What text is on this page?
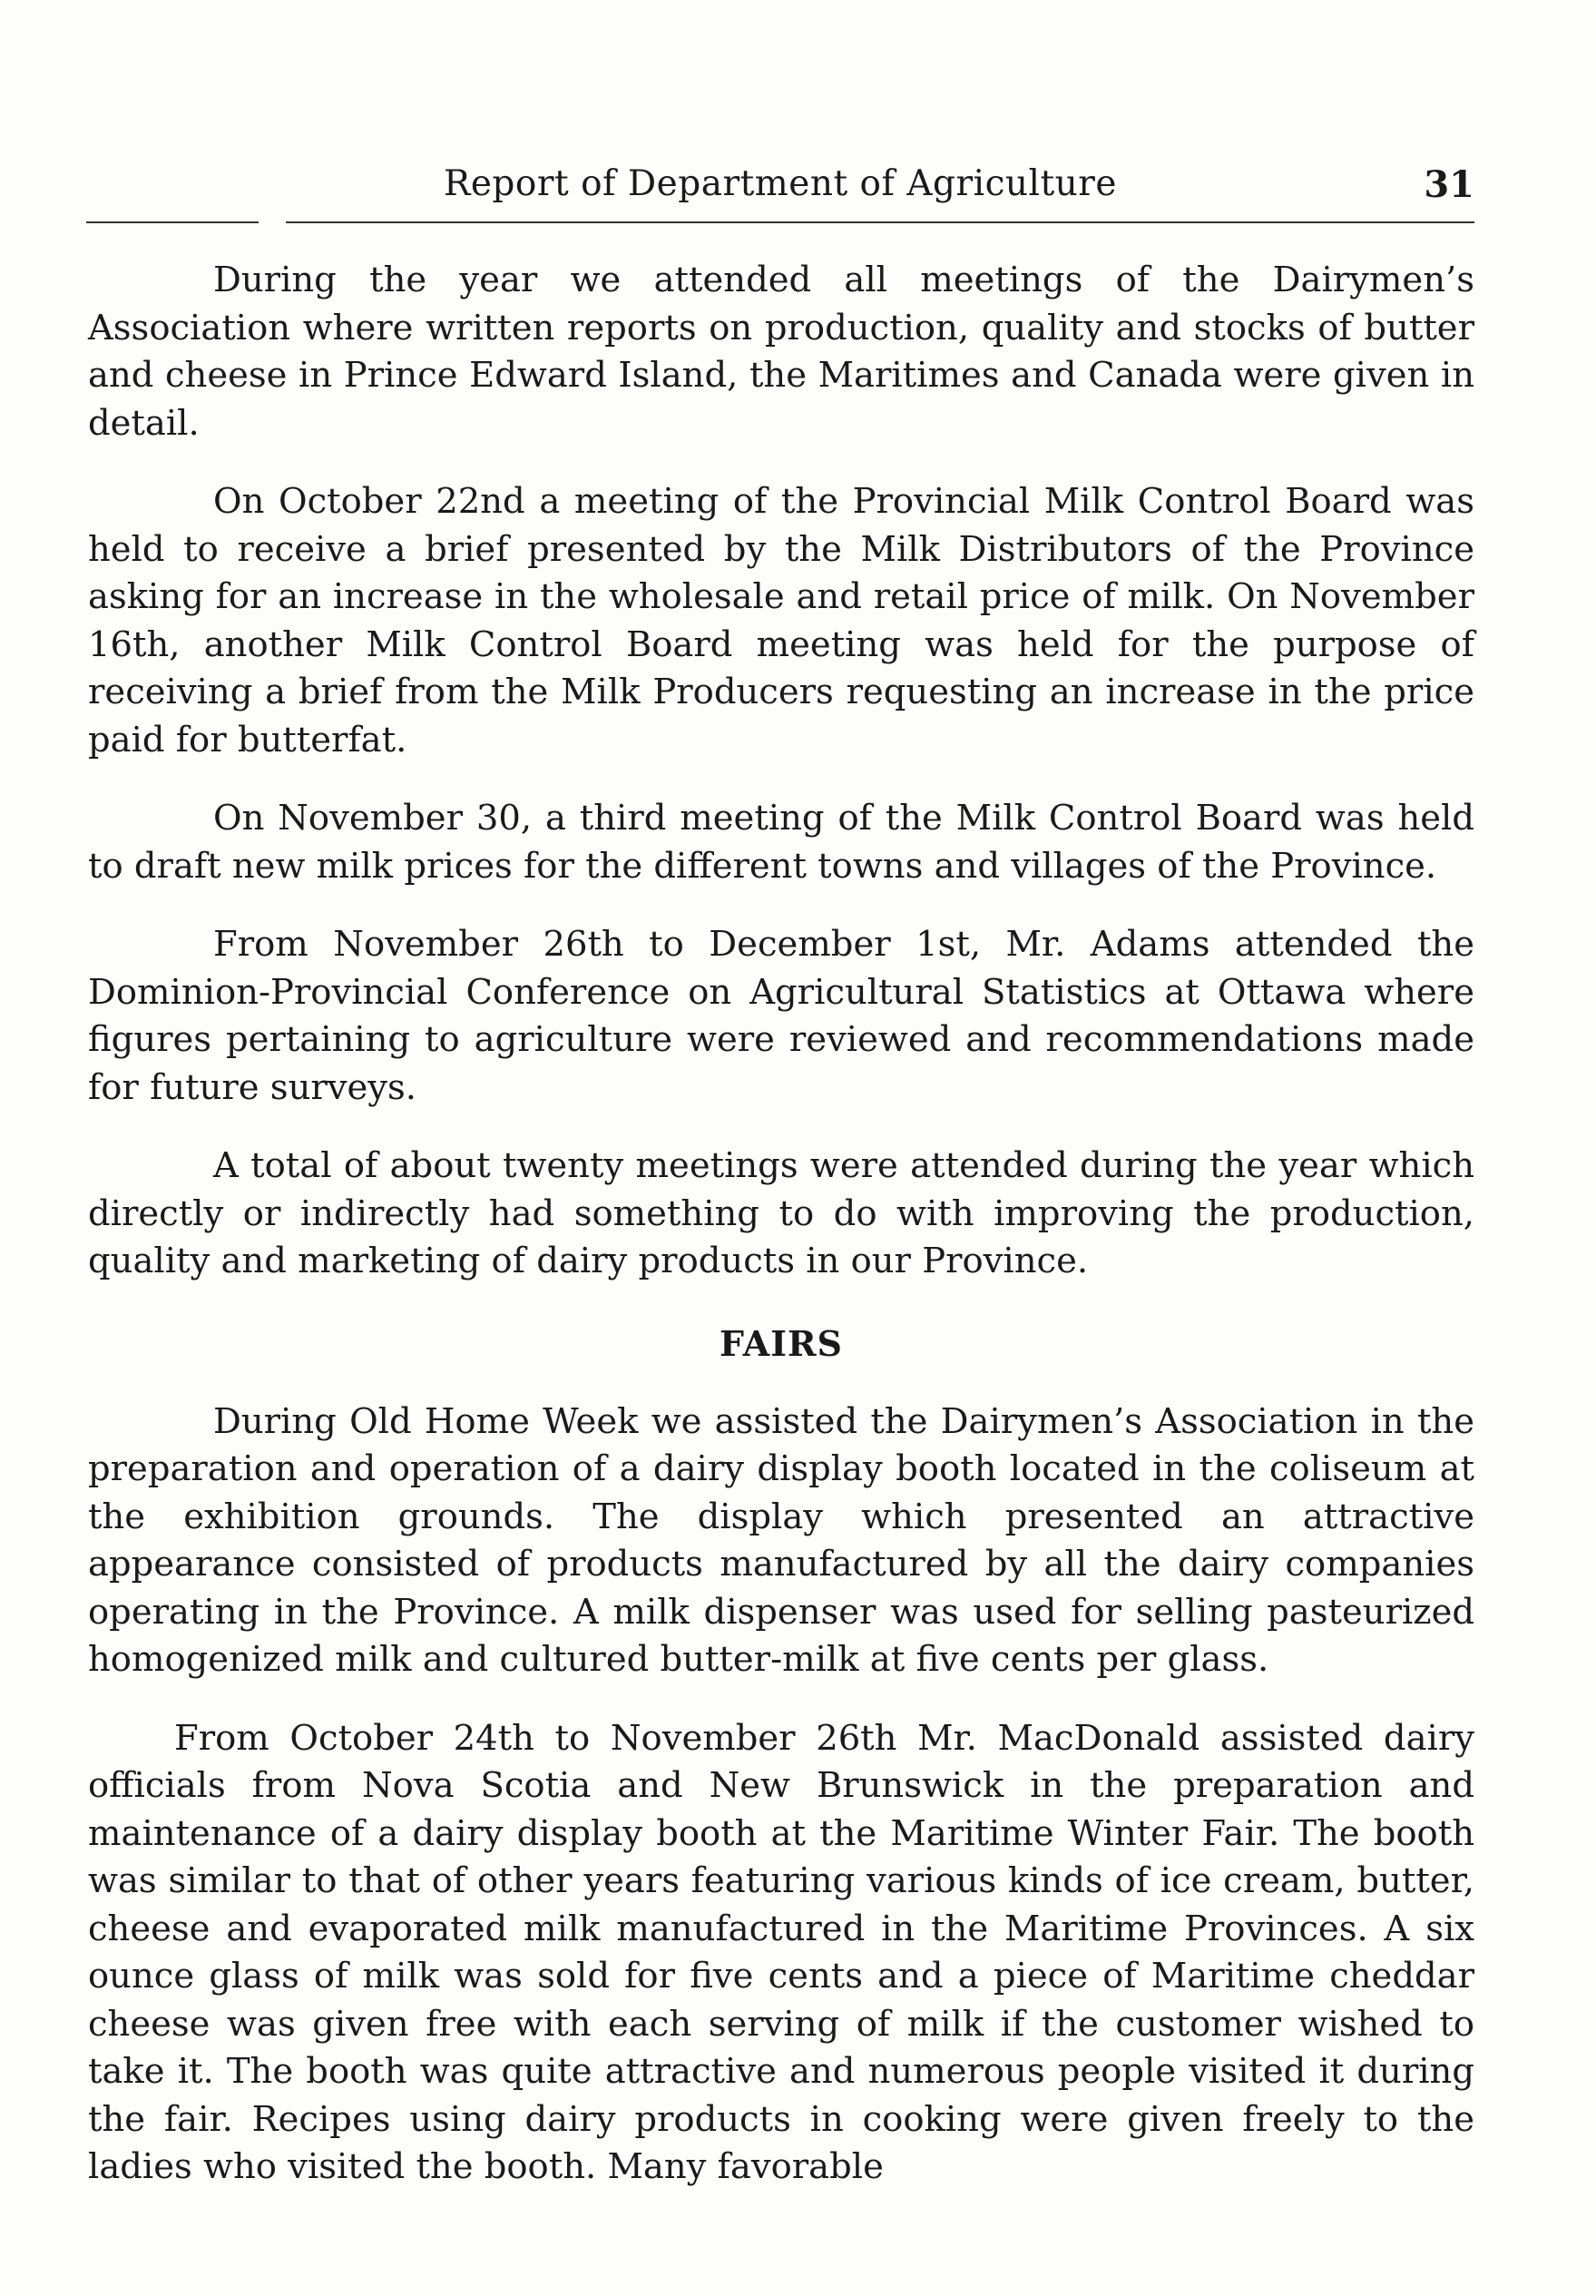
Report of Department of Agriculture	31

During the year we attended all meetings of the Dairymen’s Association where written reports on production, quality and stocks of butter and cheese in Prince Edward Island, the Maritimes and Canada were given in detail.

On October 22nd a meeting of the Provincial Milk Control Board was held to receive a brief presented by the Milk Distributors of the Province asking for an increase in the wholesale and retail price of milk. On November 16th, another Milk Control Board meeting was held for the purpose of receiving a brief from the Milk Producers requesting an increase in the price paid for butterfat.

On November 30, a third meeting of the Milk Control Board was held to draft new milk prices for the different towns and villages of the Province.

From November 26th to December 1st, Mr. Adams attended the Dominion-Provincial Conference on Agricultural Statistics at Ottawa where figures pertaining to agriculture were reviewed and recommendations made for future surveys.

A total of about twenty meetings were attended during the year which directly or indirectly had something to do with improving the production, quality and marketing of dairy products in our Province.

FAIRS

During Old Home Week we assisted the Dairymen’s Association in the preparation and operation of a dairy display booth located in the coliseum at the exhibition grounds. The display which presented an attractive appearance consisted of products manufactured by all the dairy companies operating in the Province. A milk dispenser was used for selling pasteurized homogenized milk and cultured butter-milk at five cents per glass.

From October 24th to November 26th Mr. MacDonald assisted dairy officials from Nova Scotia and New Brunswick in the preparation and maintenance of a dairy display booth at the Maritime Winter Fair. The booth was similar to that of other years featuring various kinds of ice cream, butter, cheese and evaporated milk manufactured in the Maritime Provinces. A six ounce glass of milk was sold for five cents and a piece of Maritime cheddar cheese was given free with each serving of milk if the customer wished to take it. The booth was quite attractive and numerous people visited it during the fair. Recipes using dairy products in cooking were given freely to the ladies who visited the booth. Many favorable
